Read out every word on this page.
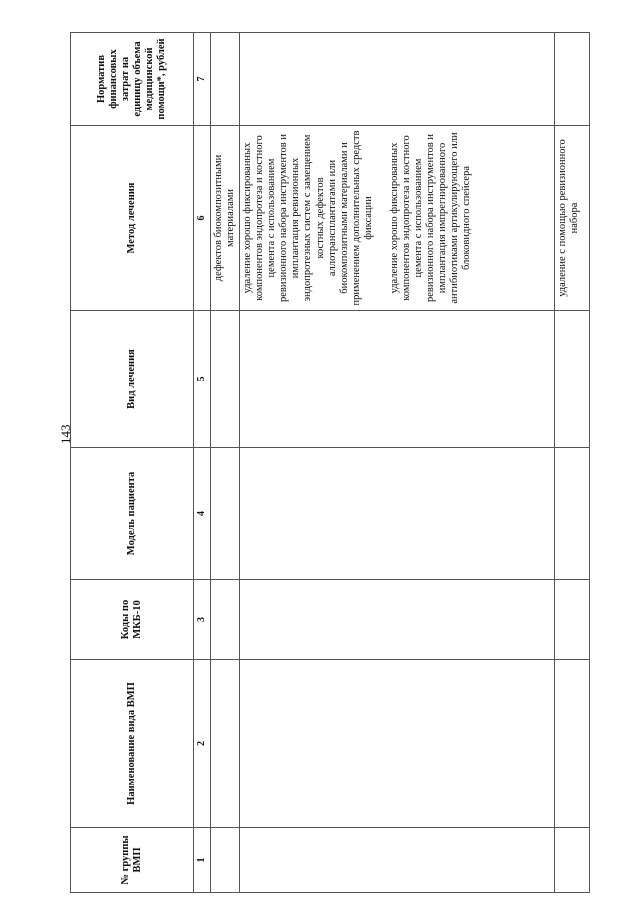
143
№ группы ВМП	Наименование вида ВМП	Коды по МКБ-10	Модель пациента	Вид лечения	Метод лечения	Норматив финансовых затрат на единицу объема медицинской помощи*, рублей
1	2	3	4	5	6	7
					дефектов биокомпозитными материалами	

					удаление хорошо фиксированных компонентов эндопротеза и костного цемента с использованием ревизионного набора инструментов и имплантация ревизионных эндопротезных систем с замещением костных дефектов аллотрансплантатами или биокомпозитными материалами и применением дополнительных средств фиксации удаление хорошо фиксированных компонентов эндопротеза и костного цемента с использованием ревизионного набора инструментов и имплантация импрегнированного антибиотиками артикулирующего или блоковидного спейсера	

					удаление с помощью ревизионного набора	
